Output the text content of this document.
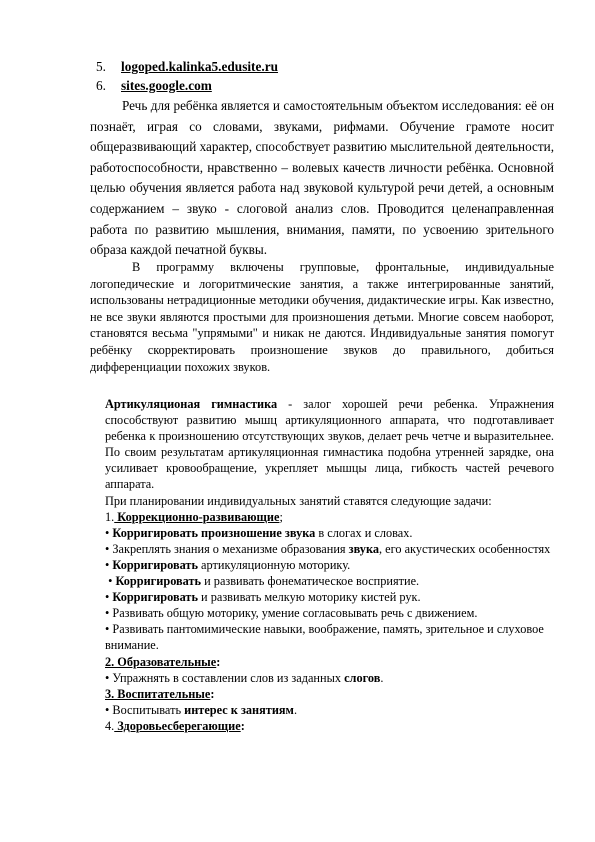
5. logoped.kalinka5.edusite.ru
6. sites.google.com

Речь для ребёнка является и самостоятельным объектом исследования: её он познаёт, играя со словами, звуками, рифмами. Обучение грамоте носит общеразвивающий характер, способствует развитию мыслительной деятельности, работоспособности, нравственно – волевых качеств личности ребёнка. Основной целью обучения является работа над звуковой культурой речи детей, а основным содержанием – звуко - слоговой анализ слов. Проводится целенаправленная работа по развитию мышления, внимания, памяти, по усвоению зрительного образа каждой печатной буквы.

В программу включены групповые, фронтальные, индивидуальные логопедические и логоритмические занятия, а также интегрированные занятий, использованы нетрадиционные методики обучения, дидактические игры. Как известно, не все звуки являются простыми для произношения детьми. Многие совсем наоборот, становятся весьма "упрямыми" и никак не даются. Индивидуальные занятия помогут ребёнку скорректировать произношение звуков до правильного, добиться дифференциации похожих звуков.

Артикуляционая гимнастика - залог хорошей речи ребенка. Упражнения способствуют развитию мышц артикуляционного аппарата, что подготавливает ребенка к произношению отсутствующих звуков, делает речь четче и выразительнее. По своим результатам артикуляционная гимнастика подобна утренней зарядке, она усиливает кровообращение, укрепляет мышцы лица, гибкость частей речевого аппарата.

При планировании индивидуальных занятий ставятся следующие задачи:

1. Коррекционно-развивающие;

• Корригировать произношение звука в слогах и словах.

• Закреплять знания о механизме образования звука, его акустических особенностях

• Корригировать артикуляционную моторику.

• Корригировать и развивать фонематическое восприятие.

• Корригировать и развивать мелкую моторику кистей рук.

• Развивать общую моторику, умение согласовывать речь с движением.

• Развивать пантомимические навыки, воображение, память, зрительное и слуховое внимание.

2. Образовательные:

• Упражнять в составлении слов из заданных слогов.

3. Воспитательные:

• Воспитывать интерес к занятиям.

4. Здоровьесберегающие:
